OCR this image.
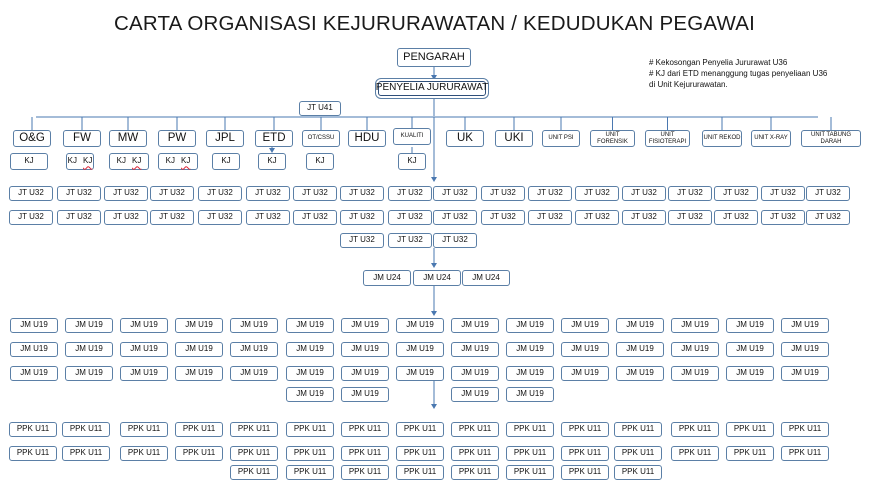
CARTA ORGANISASI KEJURURAWATAN / KEDUDUKAN PEGAWAI
# Kekosongan Penyelia Jururawat U36
# KJ dari ETD menanggung tugas penyeliaan U36
di Unit Kejururawatan.
PENGARAH
PENYELIA JURURAWAT
JT U41
O&G	FW	MW	PW	JPL	ETD	OT/CSSU	HDU	KUALITI	UK	UKI	UNIT PSI
UNIT FORENSIK
UNIT FISIOTERAPI
UNIT REKOD	UNIT X-RAY
UNIT TABUNG DARAH
KJ	KJ KJ	KJ KJ	KJ KJ	KJ	KJ	KJ	KJ
JT U32
JT U32
JT U32
JT U32
JT U32
JT U32
JT U32
JT U32
JT U32
JT U32
JT U32
JT U32
JT U32
JT U32
JT U32
JT U32
JT U32
JT U32
JT U32
JT U32
JT U32
JT U32
JT U32
JT U32
JT U32
JT U32
JT U32
JT U32
JT U32
JT U32
JT U32
JT U32
JT U32
JT U32
JT U32
JT U32
JT U32	JT U32	JT U32
JM U24	JM U24	JM U24
JM U19
JM U19
JM U19
JM U19
JM U19
JM U19
JM U19
JM U19
JM U19
JM U19
JM U19
JM U19
JM U19
JM U19
JM U19
JM U19
JM U19
JM U19
JM U19
JM U19
JM U19
JM U19
JM U19
JM U19
JM U19
JM U19
JM U19
JM U19
JM U19
JM U19
JM U19
JM U19
JM U19
JM U19
JM U19
JM U19
JM U19
JM U19
JM U19
JM U19
JM U19
JM U19
JM U19
JM U19
JM U19
JM U19	JM U19	JM U19	JM U19
PPK U11
PPK U11
PPK U11
PPK U11
PPK U11
PPK U11
PPK U11
PPK U11
PPK U11
PPK U11
PPK U11
PPK U11
PPK U11
PPK U11
PPK U11
PPK U11
PPK U11
PPK U11
PPK U11
PPK U11
PPK U11
PPK U11
PPK U11
PPK U11
PPK U11
PPK U11
PPK U11
PPK U11
PPK U11
PPK U11
PPK U11	PPK U11	PPK U11	PPK U11	PPK U11	PPK U11	PPK U11	PPK U11
